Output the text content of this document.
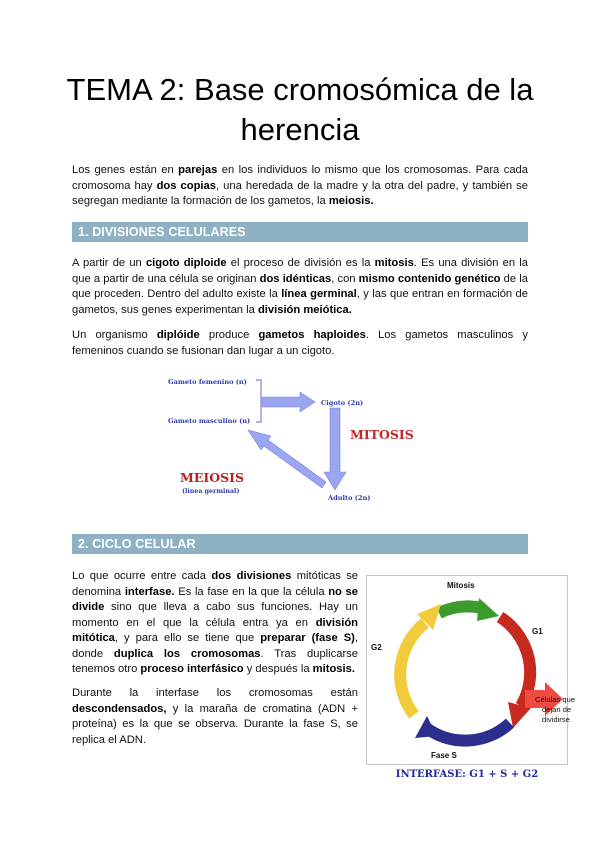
TEMA 2: Base cromosómica de la herencia

Los genes están en parejas en los individuos lo mismo que los cromosomas. Para cada cromosoma hay dos copias, una heredada de la madre y la otra del padre, y también se segregan mediante la formación de los gametos, la meiosis.

1. DIVISIONES CELULARES

A partir de un cigoto diploide el proceso de división es la mitosis. Es una división en la que a partir de una célula se originan dos idénticas, con mismo contenido genético de la que proceden. Dentro del adulto existe la línea germinal, y las que entran en formación de gametos, sus genes experimentan la división meiótica.

Un organismo diplóide produce gametos haploides. Los gametos masculinos y femeninos cuando se fusionan dan lugar a un cigoto.

Gameto femenino (n)
Gameto masculino (n)
Cigoto (2n)
MITOSIS
MEIOSIS
(línea germinal)
Adulto (2n)
2. CICLO CELULAR

Lo que ocurre entre cada dos divisiones mitóticas se denomina interfase. Es la fase en la que la célula no se divide sino que lleva a cabo sus funciones. Hay un momento en el que la célula entra ya en división mitótica, y para ello se tiene que preparar (fase S), donde duplica los cromosomas. Tras duplicarse tenemos otro proceso interfásico y después la mitosis.

Durante la interfase los cromosomas están descondensados, y la maraña de cromatina (ADN + proteína) es la que se observa. Durante la fase S, se replica el ADN.

Mitosis
G1
G2
Fase S
Células que
dejan de
dividirse
INTERFASE: G1 + S + G2
